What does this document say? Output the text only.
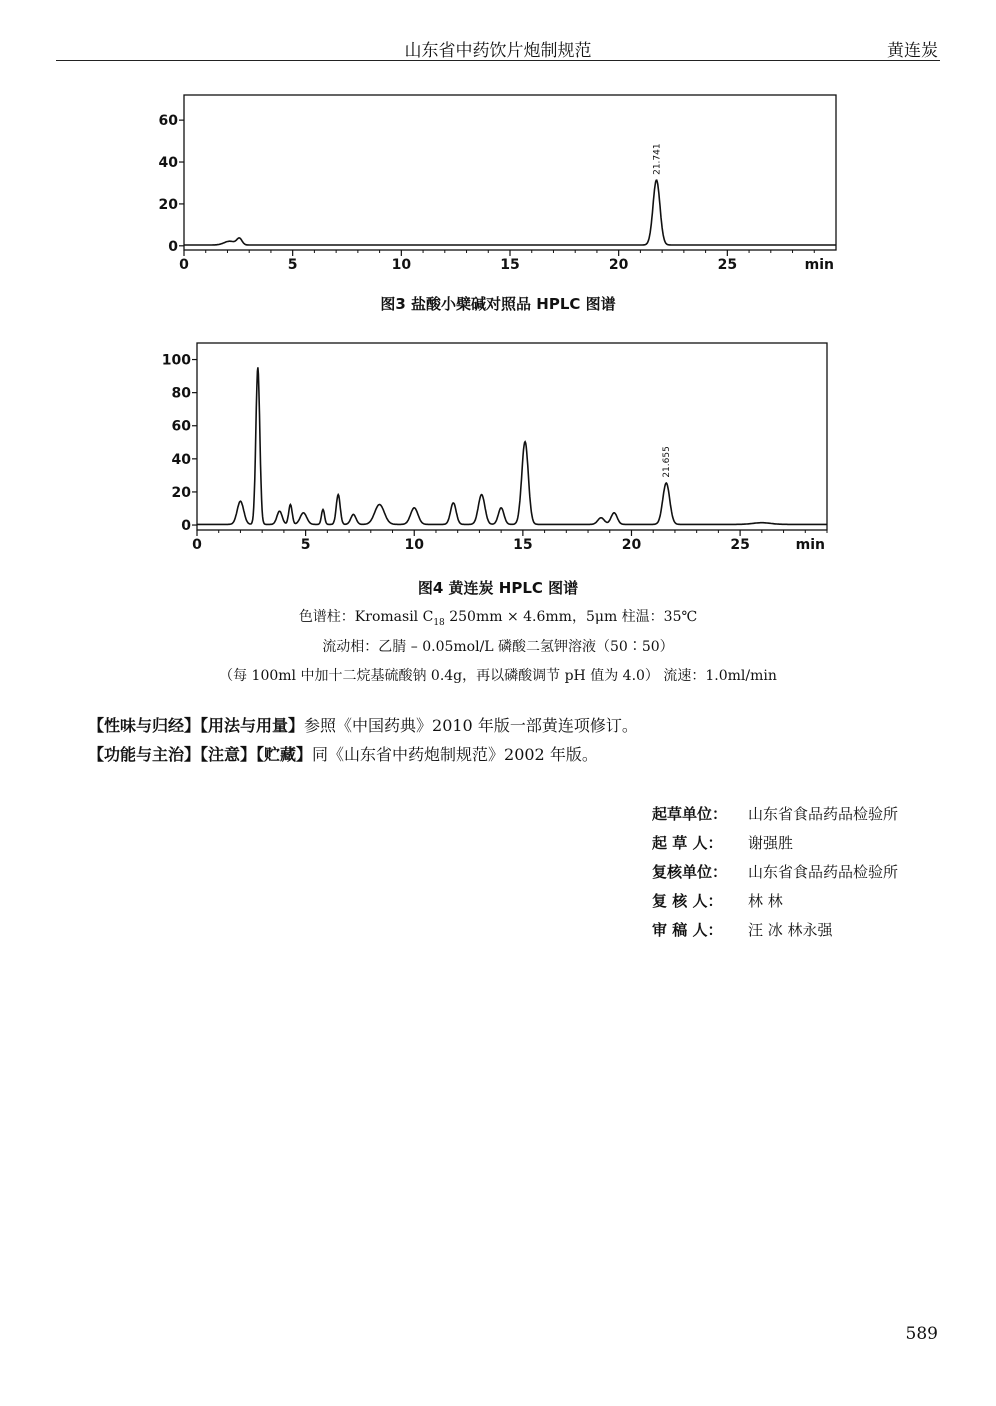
山东省中药饮片炮制规范	黄连炭
0
20
40
60
0	5	10	15	20	25	min
21.741
图3 盐酸小檗碱对照品 HPLC 图谱
0
20
40
60
80
100
0	5	10	15	20	25	min
21.655
图4 黄连炭 HPLC 图谱
色谱柱：Kromasil $C_{18}$ 250mm × 4.6mm，5μm 柱温：35℃
流动相：乙腈 – 0.05mol/L 磷酸二氢钾溶液（50∶50）
（每 100ml 中加十二烷基硫酸钠 0.4g，再以磷酸调节 pH 值为 4.0） 流速：1.0ml/min
【性味与归经】【用法与用量】参照《中国药典》2010 年版一部黄连项修订。
【功能与主治】【注意】【贮藏】同《山东省中药炮制规范》2002 年版。
起草单位： 山东省食品药品检验所
起 草 人： 谢强胜
复核单位： 山东省食品药品检验所
复 核 人： 林 林
审 稿 人： 汪 冰 林永强
589
